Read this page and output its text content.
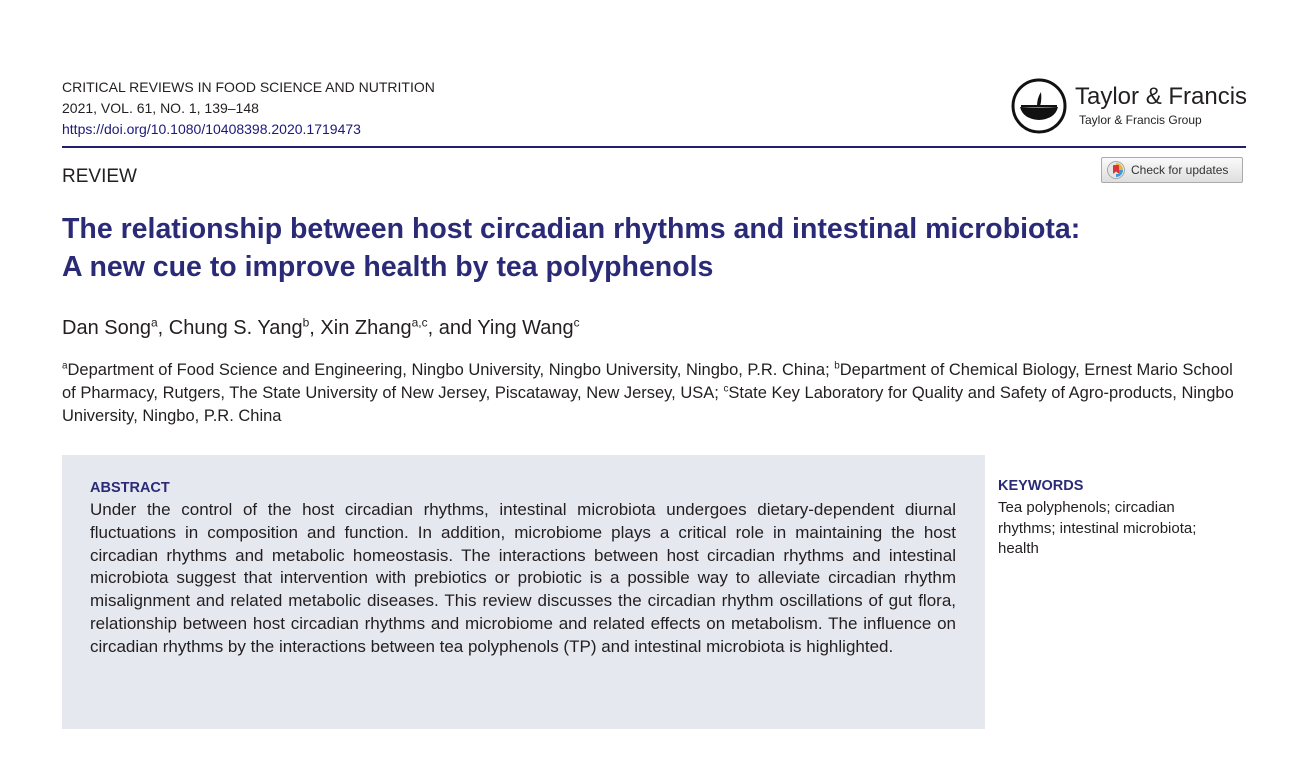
CRITICAL REVIEWS IN FOOD SCIENCE AND NUTRITION
2021, VOL. 61, NO. 1, 139–148
https://doi.org/10.1080/10408398.2020.1719473
Taylor & Francis
Taylor & Francis Group
REVIEW	Check for updates
The relationship between host circadian rhythms and intestinal microbiota:
A new cue to improve health by tea polyphenols
Dan Song$^a$, Chung S. Yang$^b$, Xin Zhang$^{a,c}$, and Ying Wang$^c$
$^a$Department of Food Science and Engineering, Ningbo University, Ningbo University, Ningbo, P.R. China; $^b$Department of Chemical Biology, Ernest Mario School of Pharmacy, Rutgers, The State University of New Jersey, Piscataway, New Jersey, USA; $^c$State Key Laboratory for Quality and Safety of Agro-products, Ningbo University, Ningbo, P.R. China
ABSTRACT
Under the control of the host circadian rhythms, intestinal microbiota undergoes dietary-dependent diurnal fluctuations in composition and function. In addition, microbiome plays a critical role in maintaining the host circadian rhythms and metabolic homeostasis. The interactions between host circadian rhythms and intestinal microbiota suggest that intervention with prebiotics or probiotic is a possible way to alleviate circadian rhythm misalignment and related metabolic diseases. This review discusses the circadian rhythm oscillations of gut flora, relationship between host circadian rhythms and microbiome and related effects on metabolism. The influence on circadian rhythms by the interactions between tea polyphenols (TP) and intestinal microbiota is highlighted.
KEYWORDS
Tea polyphenols; circadian rhythms; intestinal microbiota; health
